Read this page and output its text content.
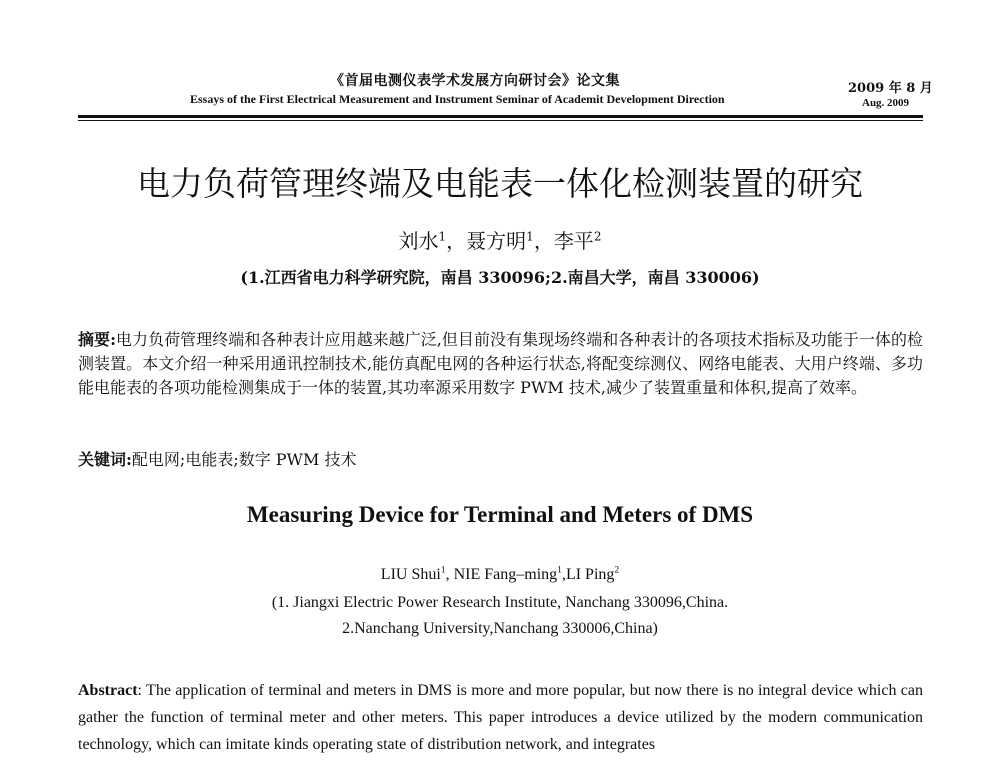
《首届电测仪表学术发展方向研讨会》论文集
Essays of the First Electrical Measurement and Instrument Seminar of Academit Development Direction
2009 年 8 月
Aug. 2009
电力负荷管理终端及电能表一体化检测装置的研究
刘水$^1$，聂方明$^1$，李平$^2$
(1.江西省电力科学研究院，南昌 330096;2.南昌大学，南昌 330006)
摘要:电力负荷管理终端和各种表计应用越来越广泛,但目前没有集现场终端和各种表计的各项技术指标及功能于一体的检测装置。本文介绍一种采用通讯控制技术,能仿真配电网的各种运行状态,将配变综测仪、网络电能表、大用户终端、多功能电能表的各项功能检测集成于一体的装置,其功率源采用数字 PWM 技术,减少了装置重量和体积,提高了效率。
关键词:配电网;电能表;数字 PWM 技术
Measuring Device for Terminal and Meters of DMS
LIU Shui$^1$, NIE Fang–ming$^1$,LI Ping$^2$
(1. Jiangxi Electric Power Research Institute, Nanchang 330096,China.
2.Nanchang University,Nanchang 330006,China)
Abstract: The application of terminal and meters in DMS is more and more popular, but now there is no integral device which can gather the function of terminal meter and other meters. This paper introduces a device utilized by the modern communication technology, which can imitate kinds operating state of distribution network, and integrates
